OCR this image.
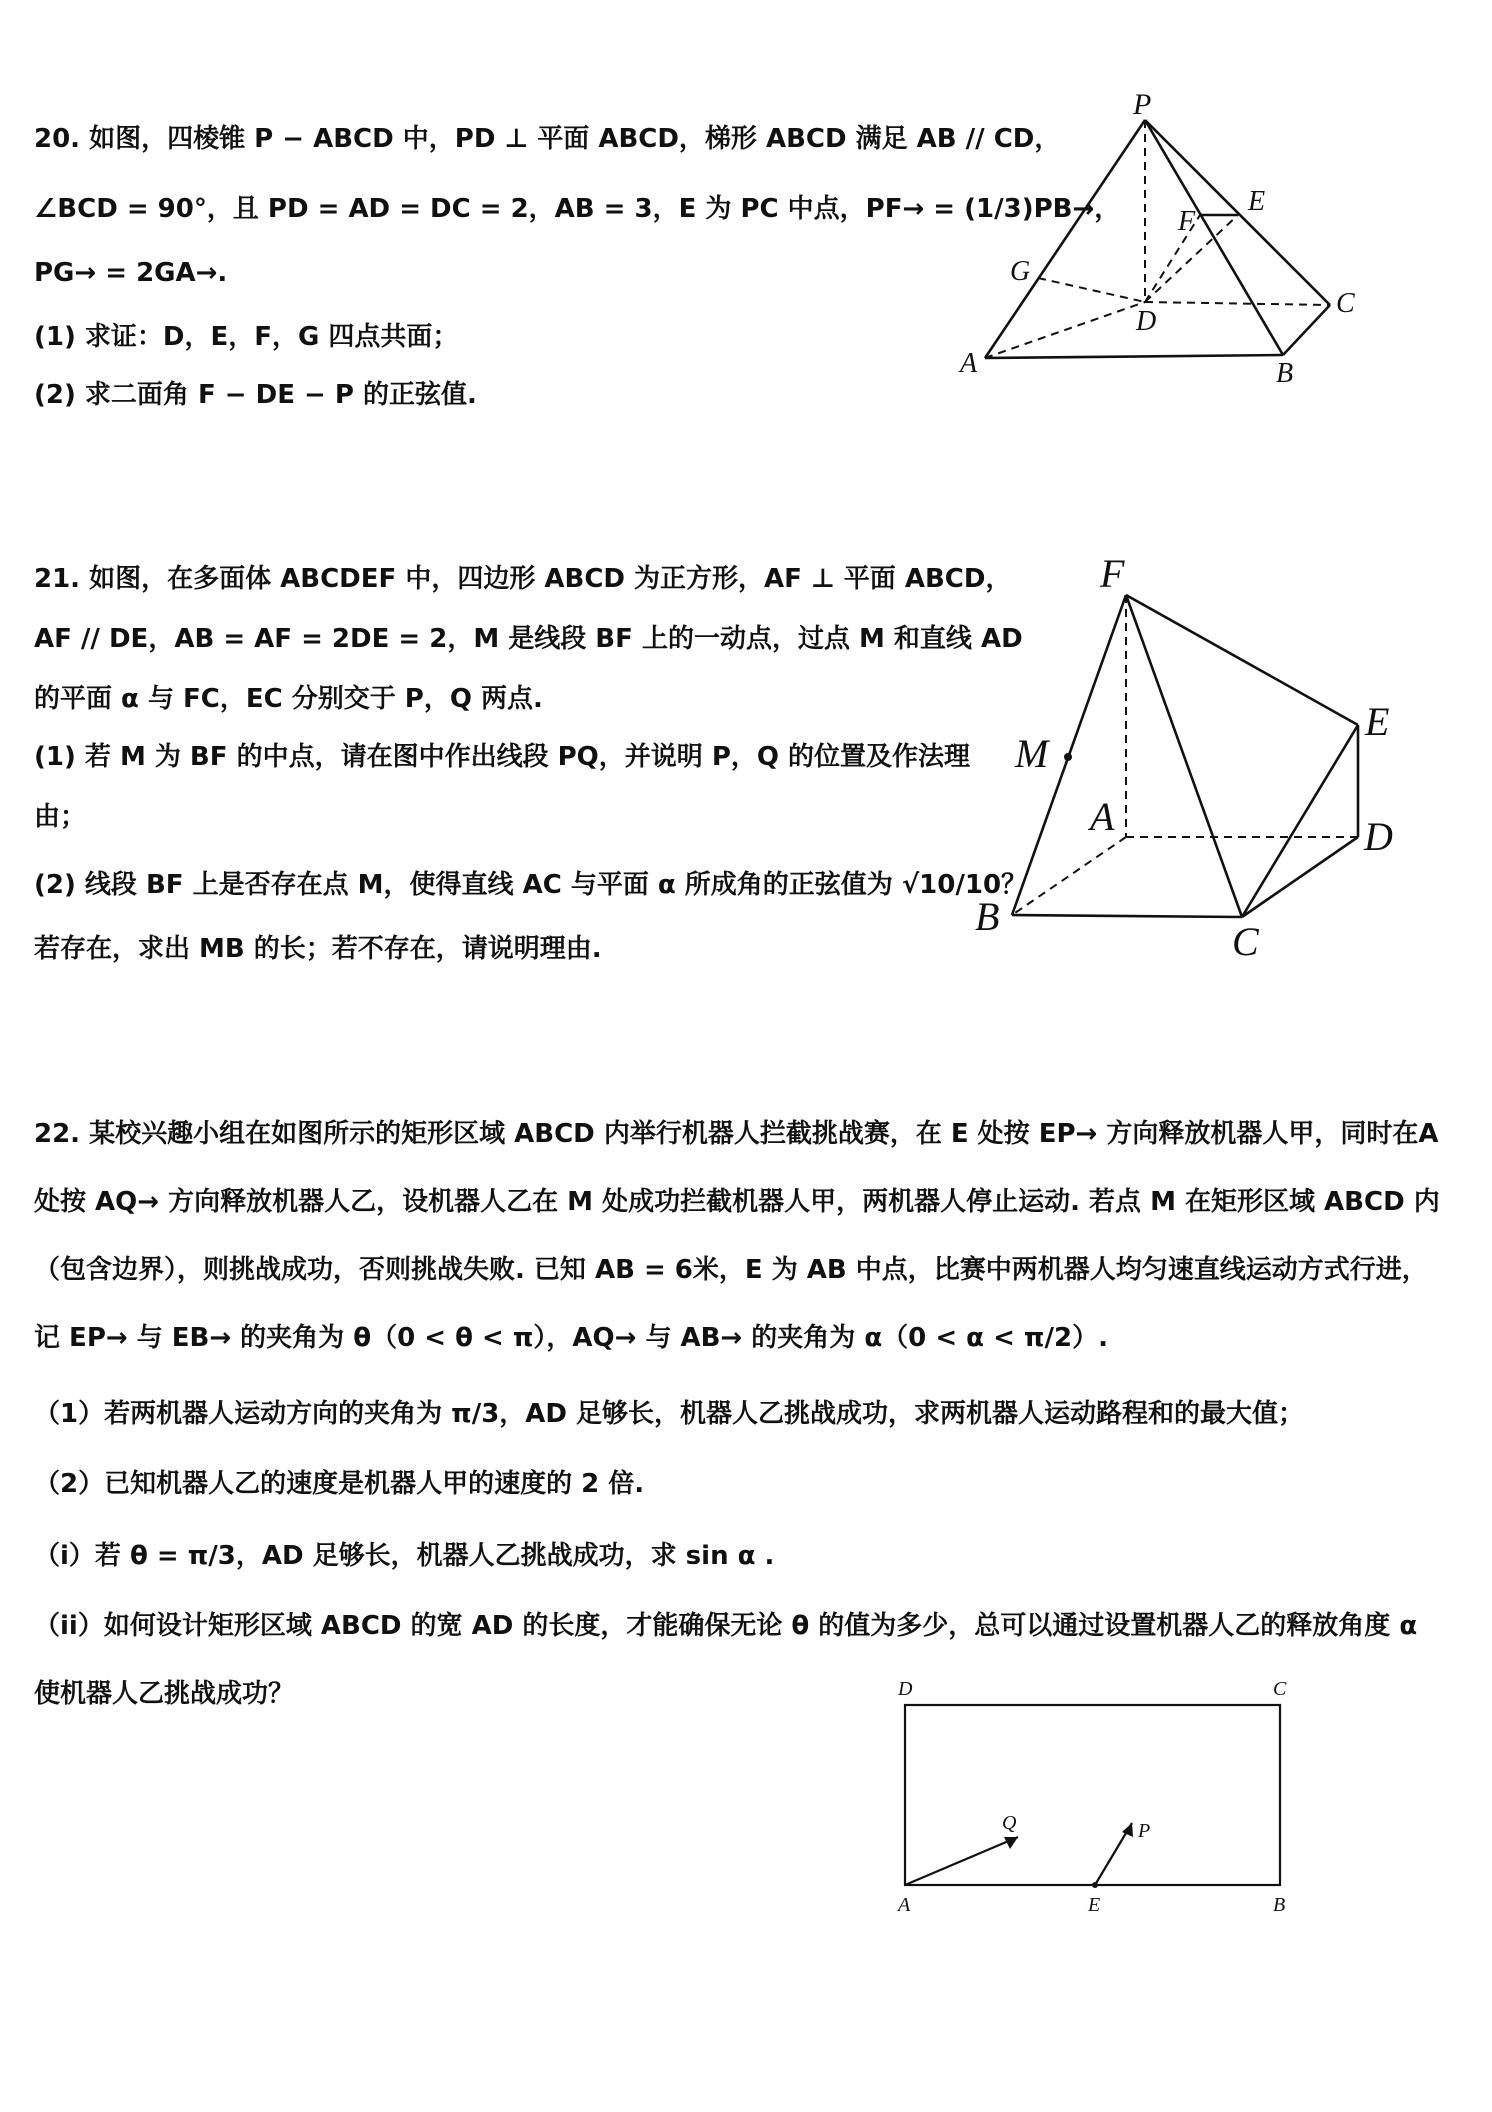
20. 如图，四棱锥 P − ABCD 中，PD ⊥ 平面 ABCD，梯形 ABCD 满足 AB // CD，
∠BCD = 90°，且 PD = AD = DC = 2，AB = 3，E 为 PC 中点，PF→ = (1/3)PB→，
PG→ = 2GA→.
(1) 求证：D，E，F，G 四点共面；
(2) 求二面角 F − DE − P 的正弦值.
P
E
F
G
D
C
A	B
21. 如图，在多面体 ABCDEF 中，四边形 ABCD 为正方形，AF ⊥ 平面 ABCD，
AF // DE，AB = AF = 2DE = 2，M 是线段 BF 上的一动点，过点 M 和直线 AD
的平面 α 与 FC，EC 分别交于 P，Q 两点.
(1) 若 M 为 BF 的中点，请在图中作出线段 PQ，并说明 P，Q 的位置及作法理
由；
(2) 线段 BF 上是否存在点 M，使得直线 AC 与平面 α 所成角的正弦值为 √10/10？
若存在，求出 MB 的长；若不存在，请说明理由.
F
E
M
A	D
B
C
22. 某校兴趣小组在如图所示的矩形区域 ABCD 内举行机器人拦截挑战赛，在 E 处按 EP→ 方向释放机器人甲，同时在A
处按 AQ→ 方向释放机器人乙，设机器人乙在 M 处成功拦截机器人甲，两机器人停止运动. 若点 M 在矩形区域 ABCD 内
（包含边界），则挑战成功，否则挑战失败. 已知 AB = 6米，E 为 AB 中点，比赛中两机器人均匀速直线运动方式行进，
记 EP→ 与 EB→ 的夹角为 θ（0 < θ < π），AQ→ 与 AB→ 的夹角为 α（0 < α < π/2）.
（1）若两机器人运动方向的夹角为 π/3，AD 足够长，机器人乙挑战成功，求两机器人运动路程和的最大值；
（2）已知机器人乙的速度是机器人甲的速度的 2 倍.
（i）若 θ = π/3，AD 足够长，机器人乙挑战成功，求 sin α .
（ii）如何设计矩形区域 ABCD 的宽 AD 的长度，才能确保无论 θ 的值为多少，总可以通过设置机器人乙的释放角度 α
使机器人乙挑战成功？	D	C
A	E	B
Q	P
